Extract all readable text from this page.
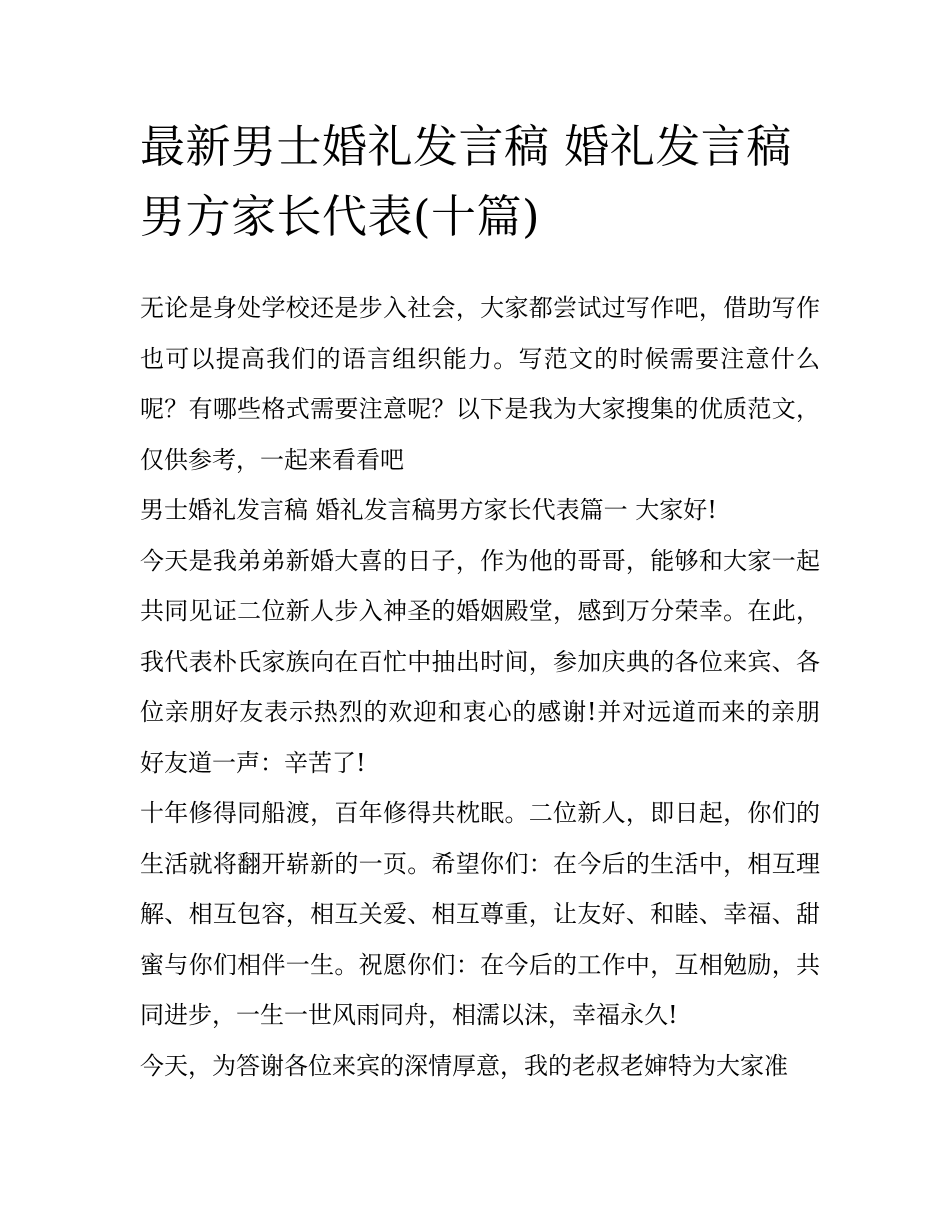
最新男士婚礼发言稿 婚礼发言稿男方家长代表(十篇)

无论是身处学校还是步入社会，大家都尝试过写作吧，借助写作也可以提高我们的语言组织能力。写范文的时候需要注意什么呢？有哪些格式需要注意呢？以下是我为大家搜集的优质范文，仅供参考，一起来看看吧

男士婚礼发言稿 婚礼发言稿男方家长代表篇一 大家好!

今天是我弟弟新婚大喜的日子，作为他的哥哥，能够和大家一起共同见证二位新人步入神圣的婚姻殿堂，感到万分荣幸。在此，我代表朴氏家族向在百忙中抽出时间，参加庆典的各位来宾、各位亲朋好友表示热烈的欢迎和衷心的感谢!并对远道而来的亲朋好友道一声：辛苦了!

十年修得同船渡，百年修得共枕眠。二位新人，即日起，你们的生活就将翻开崭新的一页。希望你们：在今后的生活中，相互理解、相互包容，相互关爱、相互尊重，让友好、和睦、幸福、甜蜜与你们相伴一生。祝愿你们：在今后的工作中，互相勉励，共同进步，一生一世风雨同舟，相濡以沫，幸福永久!

今天，为答谢各位来宾的深情厚意，我的老叔老婶特为大家准
